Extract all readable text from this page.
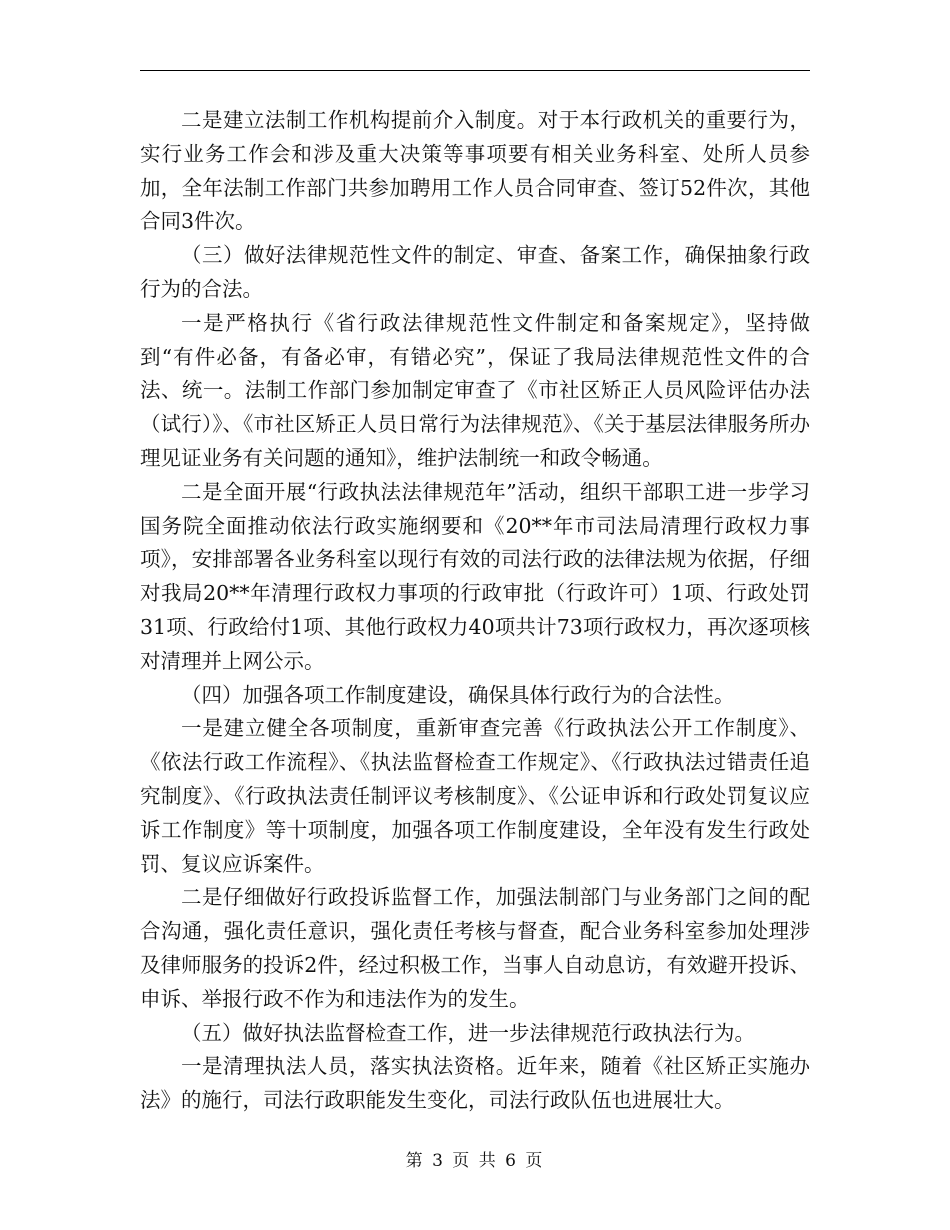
二是建立法制工作机构提前介入制度。对于本行政机关的重要行为，实行业务工作会和涉及重大决策等事项要有相关业务科室、处所人员参加，全年法制工作部门共参加聘用工作人员合同审查、签订52件次，其他合同3件次。

（三）做好法律规范性文件的制定、审查、备案工作，确保抽象行政行为的合法。

一是严格执行《省行政法律规范性文件制定和备案规定》，坚持做到“有件必备，有备必审，有错必究”，保证了我局法律规范性文件的合法、统一。法制工作部门参加制定审查了《市社区矫正人员风险评估办法（试行）》、《市社区矫正人员日常行为法律规范》、《关于基层法律服务所办理见证业务有关问题的通知》，维护法制统一和政令畅通。

二是全面开展“行政执法法律规范年”活动，组织干部职工进一步学习国务院全面推动依法行政实施纲要和《20**年市司法局清理行政权力事项》，安排部署各业务科室以现行有效的司法行政的法律法规为依据，仔细对我局20**年清理行政权力事项的行政审批（行政许可）1项、行政处罚31项、行政给付1项、其他行政权力40项共计73项行政权力，再次逐项核对清理并上网公示。

（四）加强各项工作制度建设，确保具体行政行为的合法性。

一是建立健全各项制度，重新审查完善《行政执法公开工作制度》、《依法行政工作流程》、《执法监督检查工作规定》、《行政执法过错责任追究制度》、《行政执法责任制评议考核制度》、《公证申诉和行政处罚复议应诉工作制度》等十项制度，加强各项工作制度建设，全年没有发生行政处罚、复议应诉案件。

二是仔细做好行政投诉监督工作，加强法制部门与业务部门之间的配合沟通，强化责任意识，强化责任考核与督查，配合业务科室参加处理涉及律师服务的投诉2件，经过积极工作，当事人自动息访，有效避开投诉、申诉、举报行政不作为和违法作为的发生。

（五）做好执法监督检查工作，进一步法律规范行政执法行为。

一是清理执法人员，落实执法资格。近年来，随着《社区矫正实施办法》的施行，司法行政职能发生变化，司法行政队伍也进展壮大。

第 3 页 共 6 页
